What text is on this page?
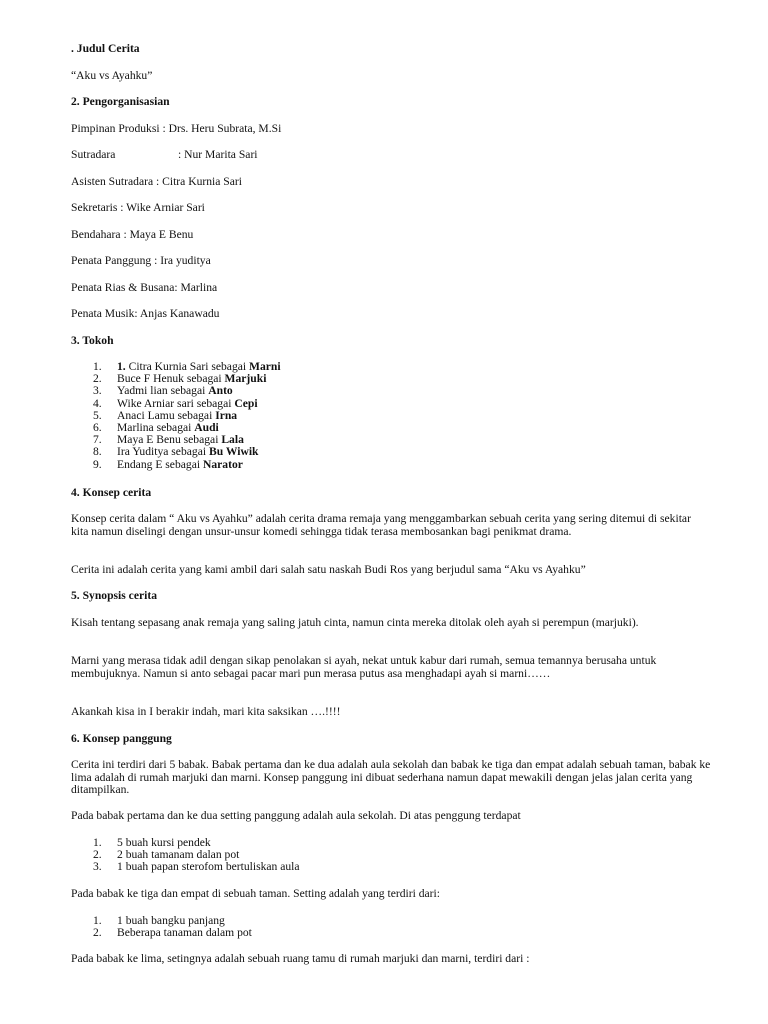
. Judul Cerita

“Aku vs Ayahku”

2. Pengorganisasian

Pimpinan Produksi : Drs. Heru Subrata, M.Si

Sutradara	: Nur Marita Sari

Asisten Sutradara : Citra Kurnia Sari

Sekretaris : Wike Arniar Sari

Bendahara : Maya E Benu

Penata Panggung : Ira yuditya

Penata Rias & Busana: Marlina

Penata Musik: Anjas Kanawadu

3. Tokoh

1. 1. Citra Kurnia Sari sebagai Marni
2. Buce F Henuk sebagai Marjuki
3. Yadmi lian sebagai Anto
4. Wike Arniar sari sebagai Cepi
5. Anaci Lamu sebagai Irna
6. Marlina sebagai Audi
7. Maya E Benu sebagai Lala
8. Ira Yuditya sebagai Bu Wiwik
9. Endang E sebagai Narator

4. Konsep cerita

Konsep cerita dalam “ Aku vs Ayahku” adalah cerita drama remaja yang menggambarkan sebuah cerita yang sering ditemui di sekitar kita namun diselingi dengan unsur-unsur komedi sehingga tidak terasa membosankan bagi penikmat drama.

Cerita ini adalah cerita yang kami ambil dari salah satu naskah Budi Ros yang berjudul sama “Aku vs Ayahku”

5. Synopsis cerita

Kisah tentang sepasang anak remaja yang saling jatuh cinta, namun cinta mereka ditolak oleh ayah si perempun (marjuki).

Marni yang merasa tidak adil dengan sikap penolakan si ayah, nekat untuk kabur dari rumah, semua temannya berusaha untuk membujuknya. Namun si anto sebagai pacar mari pun merasa putus asa menghadapi ayah si marni……

Akankah kisa in I berakir indah, mari kita saksikan ….!!!!

6. Konsep panggung

Cerita ini terdiri dari 5 babak. Babak pertama dan ke dua adalah aula sekolah dan babak ke tiga dan empat adalah sebuah taman, babak ke lima adalah di rumah marjuki dan marni. Konsep panggung ini dibuat sederhana namun dapat mewakili dengan jelas jalan cerita yang ditampilkan.

Pada babak pertama dan ke dua setting panggung adalah aula sekolah. Di atas penggung terdapat

1. 5 buah kursi pendek
2. 2 buah tamanam dalan pot
3. 1 buah papan sterofom bertuliskan aula

Pada babak ke tiga dan empat di sebuah taman. Setting adalah yang terdiri dari:

1. 1 buah bangku panjang
2. Beberapa tanaman dalam pot

Pada babak ke lima, setingnya adalah sebuah ruang tamu di rumah marjuki dan marni, terdiri dari :
